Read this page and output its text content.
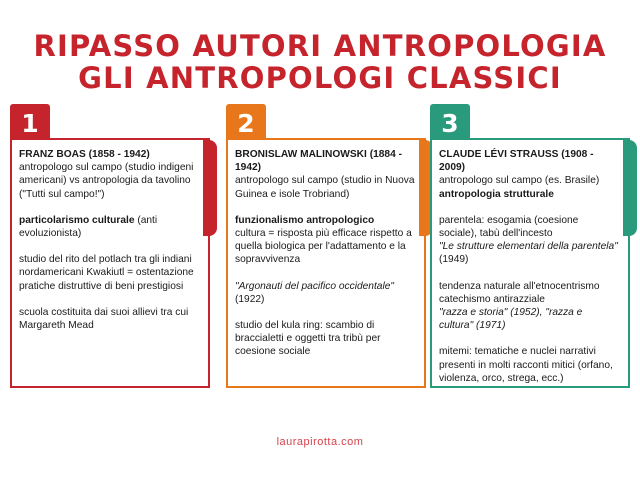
RIPASSO AUTORI ANTROPOLOGIA
GLI ANTROPOLOGI CLASSICI
1

FRANZ BOAS (1858 - 1942)
antropologo sul campo (studio indigeni americani) vs antropologia da tavolino ("Tutti sul campo!")

particolarismo culturale (anti evoluzionista)

studio del rito del potlach tra gli indiani nordamericani Kwakiutl = ostentazione pratiche distruttive di beni prestigiosi

scuola costituita dai suoi allievi tra cui Margareth Mead

2

BRONISLAW MALINOWSKI (1884 - 1942)
antropologo sul campo (studio in Nuova Guinea e isole Trobriand)

funzionalismo antropologico
cultura = risposta più efficace rispetto a quella biologica per l'adattamento e la sopravvivenza

"Argonauti del pacifico occidentale" (1922)

studio del kula ring: scambio di braccialetti e oggetti tra tribù per coesione sociale

3

CLAUDE LÉVI STRAUSS (1908 - 2009)
antropologo sul campo (es. Brasile)
antropologia strutturale

parentela: esogamia (coesione sociale), tabù dell'incesto
"Le strutture elementari della parentela" (1949)

tendenza naturale all'etnocentrismo catechismo antirazziale
"razza e storia" (1952), "razza e cultura" (1971)

mitemi: tematiche e nuclei narrativi presenti in molti racconti mitici (orfano, violenza, orco, strega, ecc.)

laurapirotta.com
